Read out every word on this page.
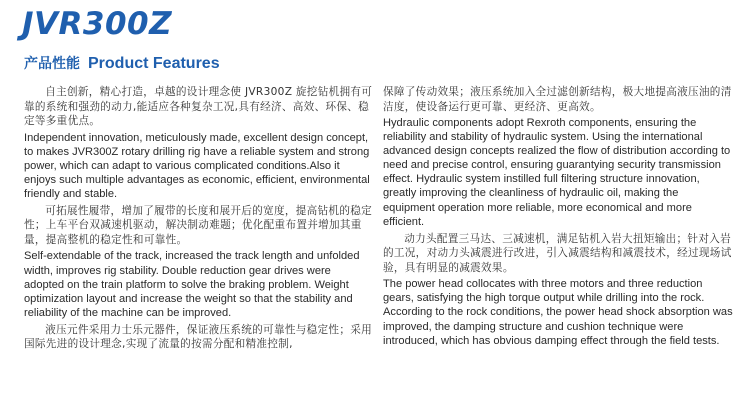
JVR300Z
产品性能 Product Features

自主创新，精心打造，卓越的设计理念使 JVR300Z 旋挖钻机拥有可靠的系统和强劲的动力,能适应各种复杂工况,具有经济、高效、环保、稳定等多重优点。

Independent innovation, meticulously made, excellent design concept, to makes JVR300Z rotary drilling rig have a reliable system and strong power, which can adapt to various complicated conditions.Also it enjoys such multiple advantages as economic, efficient, environmental friendly and stable.

可拓展性履带，增加了履带的长度和展开后的宽度，提高钻机的稳定性；上车平台双减速机驱动，解决制动难题；优化配重布置并增加其重量，提高整机的稳定性和可靠性。

Self-extendable of the track, increased the track length and unfolded width, improves rig stability. Double reduction gear drives were adopted on the train platform to solve the braking problem. Weight optimization layout and increase the weight so that the stability and reliability of the machine can be improved.

液压元件采用力士乐元器件，保证液压系统的可靠性与稳定性；采用国际先进的设计理念,实现了流量的按需分配和精准控制,

保障了传动效果；液压系统加入全过滤创新结构，极大地提高液压油的清洁度，使设备运行更可靠、更经济、更高效。

Hydraulic components adopt Rexroth components, ensuring the reliability and stability of hydraulic system. Using the international advanced design concepts realized the flow of distribution according to need and precise control, ensuring guarantying security transmission effect. Hydraulic system instilled full filtering structure innovation, greatly improving the cleanliness of hydraulic oil, making the equipment operation more reliable, more economical and more efficient.

动力头配置三马达、三减速机，满足钻机入岩大扭矩输出；针对入岩的工况，对动力头减震进行改进，引入减震结构和减震技术，经过现场试验，具有明显的减震效果。

The power head collocates with three motors and three reduction gears, satisfying the high torque output while drilling into the rock. According to the rock conditions, the power head shock absorption was improved, the damping structure and cushion technique were introduced, which has obvious damping effect through the field tests.
